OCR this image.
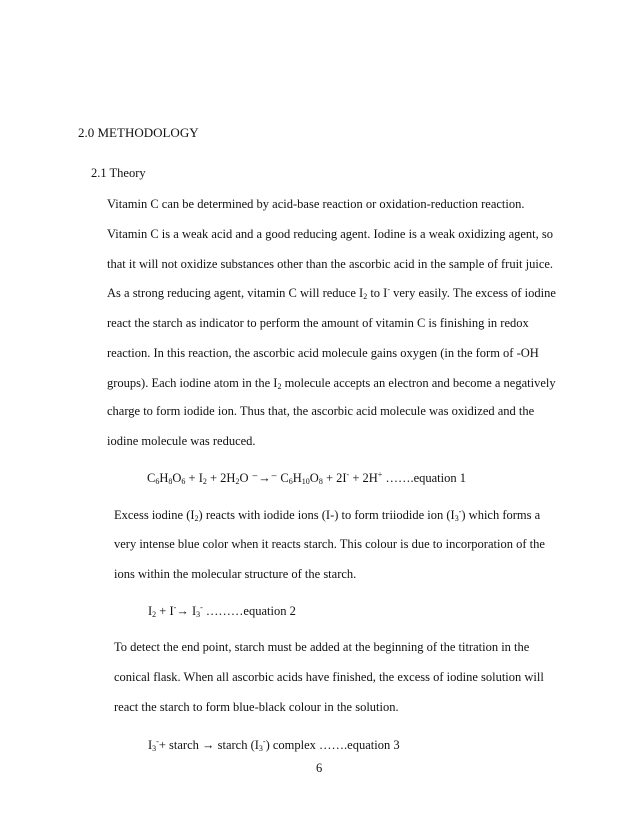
2.0 METHODOLOGY
2.1 Theory
Vitamin C can be determined by acid-base reaction or oxidation-reduction reaction.
Vitamin C is a weak acid and a good reducing agent. Iodine is a weak oxidizing agent, so
that it will not oxidize substances other than the ascorbic acid in the sample of fruit juice.
As a strong reducing agent, vitamin C will reduce $I_2$ to I- very easily. The excess of iodine
react the starch as indicator to perform the amount of vitamin C is finishing in redox
reaction. In this reaction, the ascorbic acid molecule gains oxygen (in the form of -OH
groups). Each iodine atom in the $I_2$ molecule accepts an electron and become a negatively
charge to form iodide ion. Thus that, the ascorbic acid molecule was oxidized and the
iodine molecule was reduced.
$C_6H_8O_6 + I_2 + 2H_2O$ ⁻→⁻ $C_6H_{10}O_8 + 2I^- + 2H^+$ …….equation 1
Excess iodine $(I_2)$ reacts with iodide ions (I-) to form triiodide ion $(I_3^-)$ which forms a
very intense blue color when it reacts starch. This colour is due to incorporation of the
ions within the molecular structure of the starch.
$I_2 + I^-\to I_3^-$ ………equation 2
To detect the end point, starch must be added at the beginning of the titration in the
conical flask. When all ascorbic acids have finished, the excess of iodine solution will
react the starch to form blue-black colour in the solution.
$I_3^-+$ starch → starch $(I_3^-)$ complex …….equation 3
6
